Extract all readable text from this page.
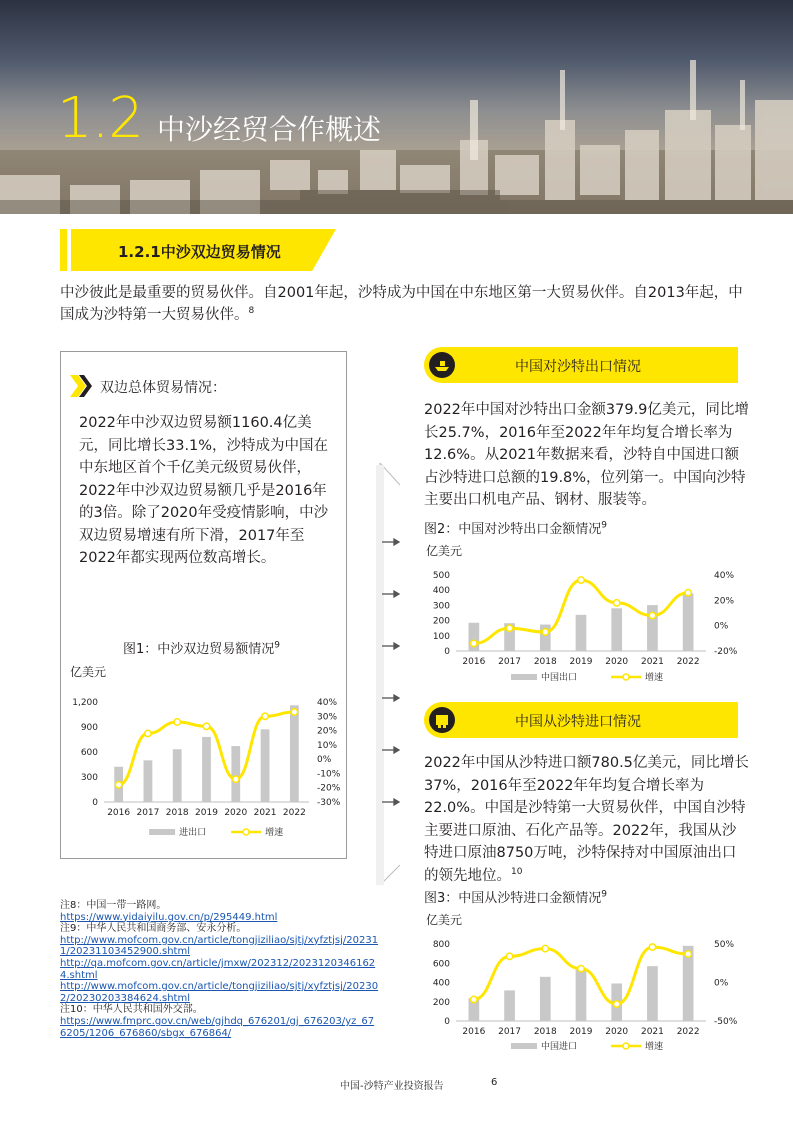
1.2 中沙经贸合作概述
1.2.1中沙双边贸易情况
中沙彼此是最重要的贸易伙伴。自2001年起，沙特成为中国在中东地区第一大贸易伙伴。自2013年起，中国成为沙特第一大贸易伙伴。$^8$
双边总体贸易情况：
2022年中沙双边贸易额1160.4亿美元，同比增长33.1%，沙特成为中国在中东地区首个千亿美元级贸易伙伴，2022年中沙双边贸易额几乎是2016年的3倍。除了2020年受疫情影响，中沙双边贸易增速有所下滑，2017年至2022年都实现两位数高增长。
图1：中沙双边贸易额情况$^9$
亿美元
1,200
900
600
300
0
40%
30%
20%
10%
0%
-10%
-20%
-30%
2016 2017 2018 2019 2020 2021 2022
进出口	增速
中国对沙特出口情况
2022年中国对沙特出口金额379.9亿美元，同比增长25.7%，2016年至2022年年均复合增长率为12.6%。从2021年数据来看，沙特自中国进口额占沙特进口总额的19.8%，位列第一。中国向沙特主要出口机电产品、钢材、服装等。
图2：中国对沙特出口金额情况$^9$
亿美元
500
400
300
200
100
0
40%
20%
0%
-20%
2016 2017 2018 2019 2020 2021 2022
中国出口	增速
中国从沙特进口情况
2022年中国从沙特进口额780.5亿美元，同比增长37%，2016年至2022年年均复合增长率为22.0%。中国是沙特第一大贸易伙伴，中国自沙特主要进口原油、石化产品等。2022年，我国从沙特进口原油8750万吨，沙特保持对中国原油出口的领先地位。$^{10}$
图3：中国从沙特进口金额情况$^9$
亿美元
800
600
400
200
0
50%
0%
-50%
2016 2017 2018 2019 2020 2021 2022
中国进口	增速
注8：中国一带一路网。
https://www.yidaiyilu.gov.cn/p/295449.html
注9：中华人民共和国商务部、安永分析。
http://www.mofcom.gov.cn/article/tongjiziliao/sjtj/xyfztjsj/202311/20231103452900.shtml
http://qa.mofcom.gov.cn/article/jmxw/202312/20231203461624.shtml
http://www.mofcom.gov.cn/article/tongjiziliao/sjtj/xyfztjsj/202302/20230203384624.shtml
注10：中华人民共和国外交部。
https://www.fmprc.gov.cn/web/gjhdq_676201/gj_676203/yz_676205/1206_676860/sbgx_676864/
中国-沙特产业投资报告	6
